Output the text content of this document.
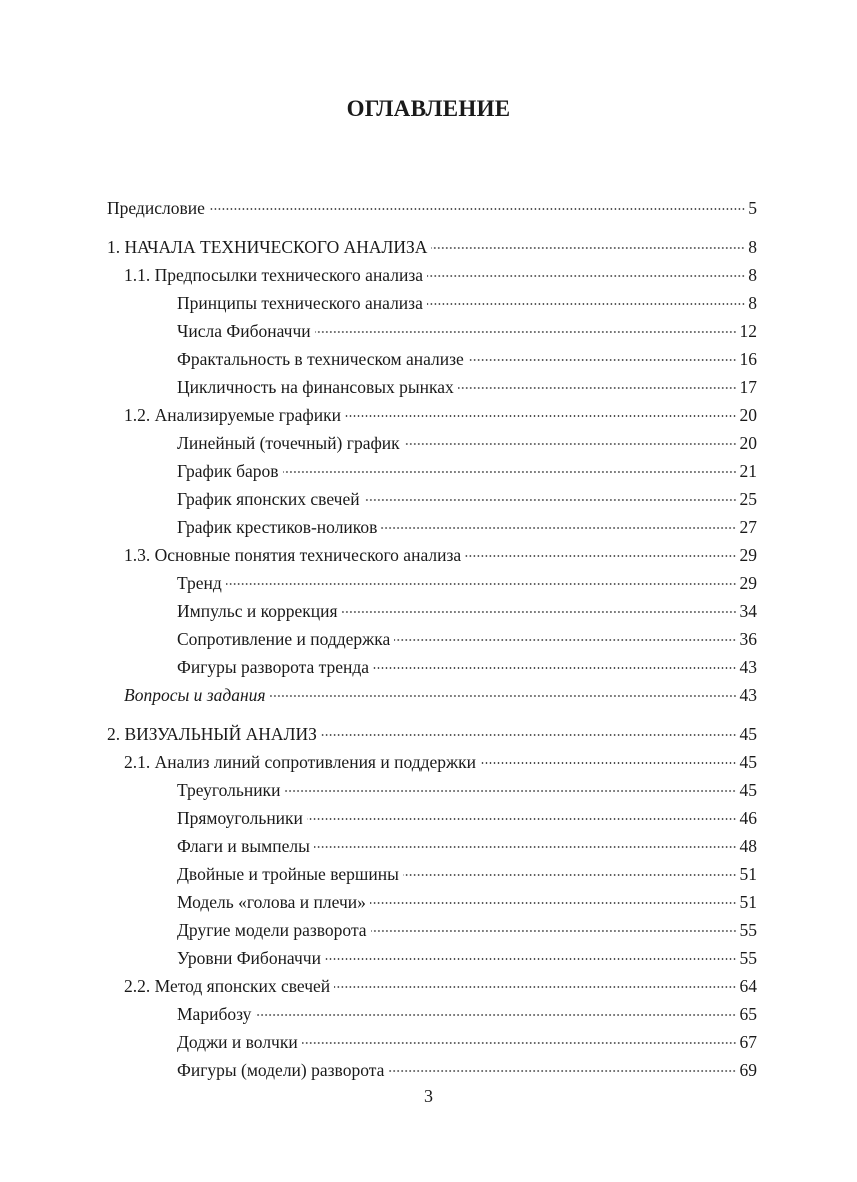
ОГЛАВЛЕНИЕ
Предисловие	5
1. НАЧАЛА ТЕХНИЧЕСКОГО АНАЛИЗА	8
1.1. Предпосылки технического анализа	8
Принципы технического анализа	8
Числа Фибоначчи	12
Фрактальность в техническом анализе	16
Цикличность на финансовых рынках	17
1.2. Анализируемые графики	20
Линейный (точечный) график	20
График баров	21
График японских свечей	25
График крестиков-ноликов	27
1.3. Основные понятия технического анализа	29
Тренд	29
Импульс и коррекция	34
Сопротивление и поддержка	36
Фигуры разворота тренда	43
Вопросы и задания	43
2. ВИЗУАЛЬНЫЙ АНАЛИЗ	45
2.1. Анализ линий сопротивления и поддержки	45
Треугольники	45
Прямоугольники	46
Флаги и вымпелы	48
Двойные и тройные вершины	51
Модель «голова и плечи»	51
Другие модели разворота	55
Уровни Фибоначчи	55
2.2. Метод японских свечей	64
Марибозу	65
Доджи и волчки	67
Фигуры (модели) разворота	69
3
